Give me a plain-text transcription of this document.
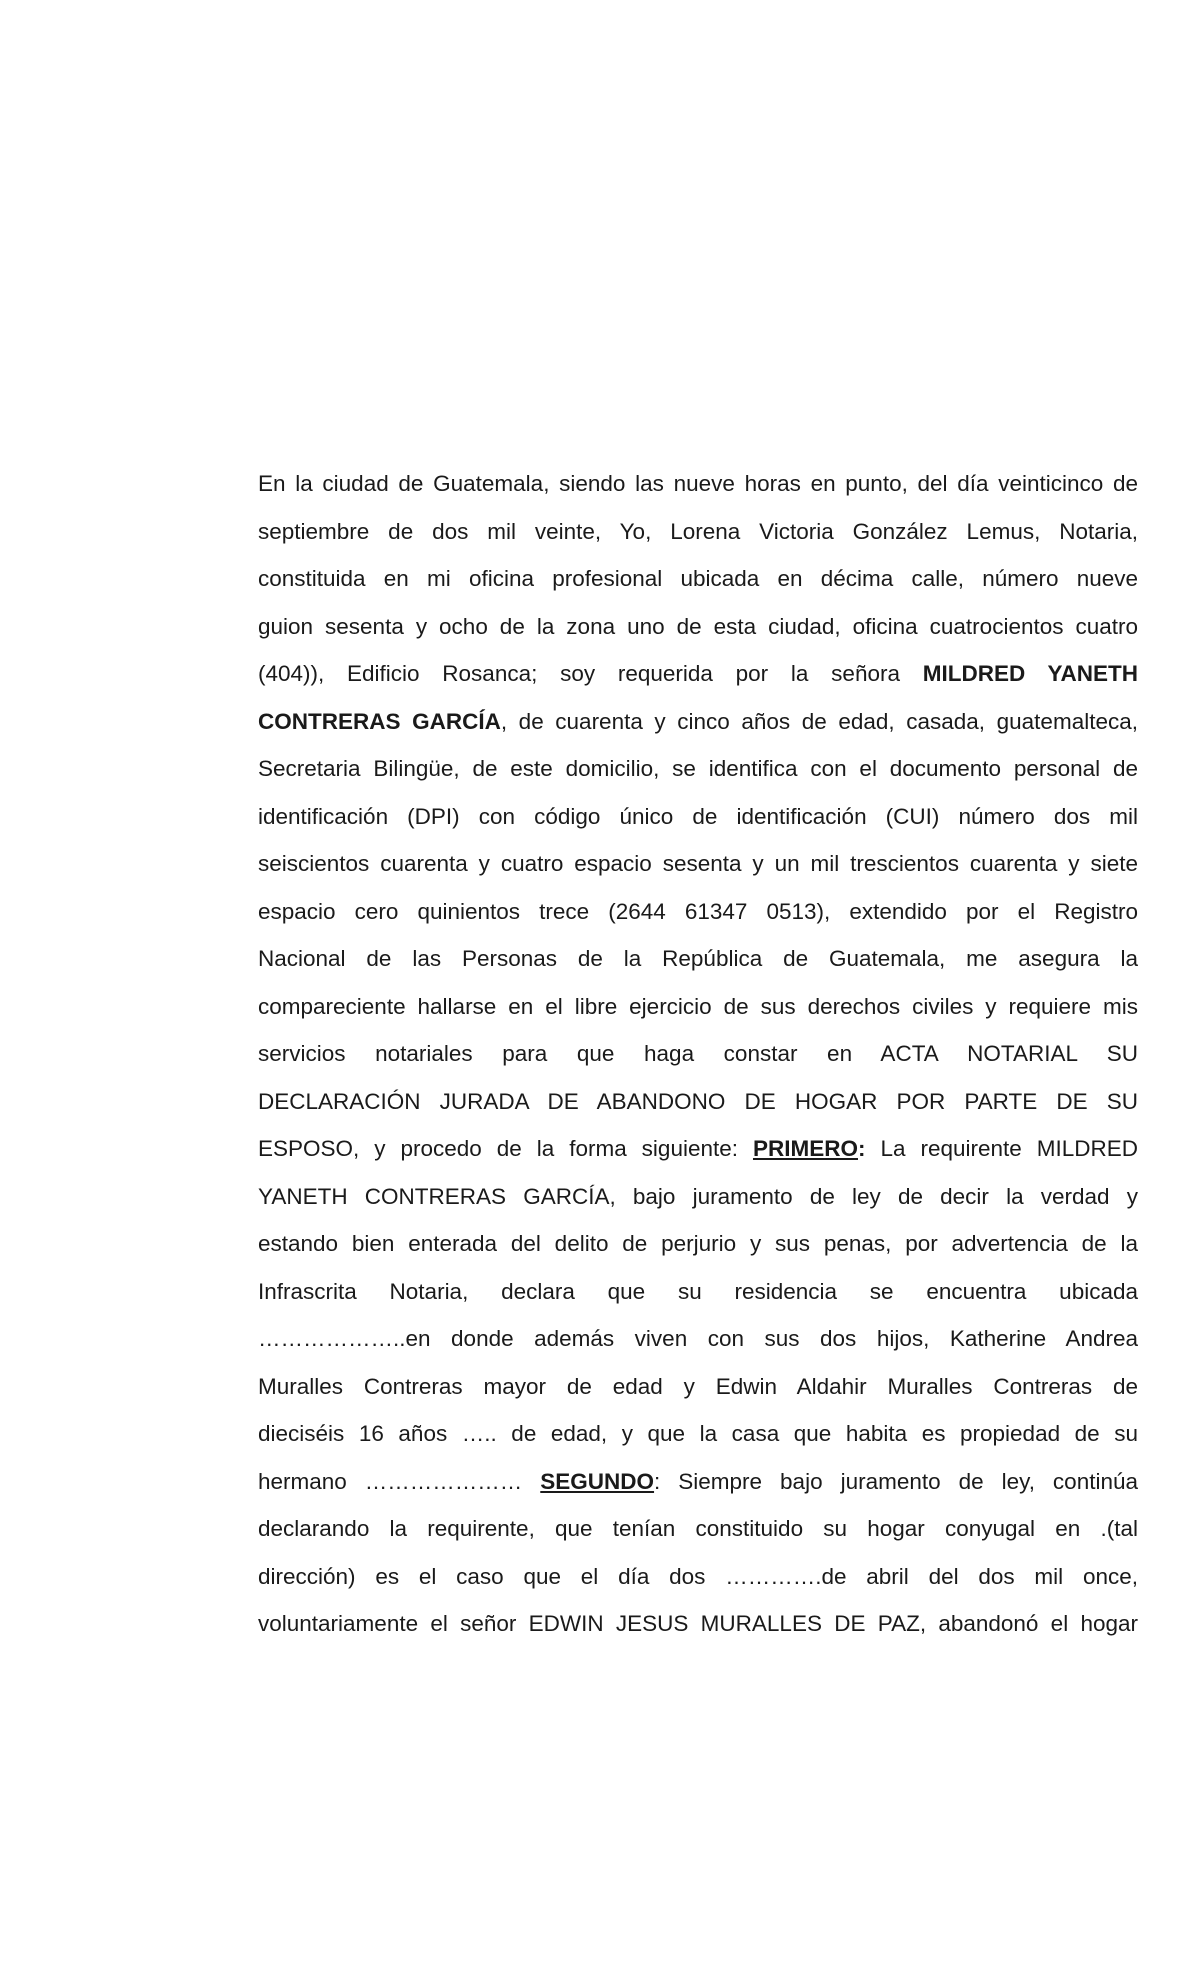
En la ciudad de Guatemala, siendo las nueve horas en punto, del día veinticinco de
septiembre de dos mil veinte, Yo, Lorena Victoria González Lemus, Notaria,
constituida en mi oficina profesional ubicada en décima calle, número nueve
guion sesenta y ocho de la zona uno de esta ciudad, oficina cuatrocientos cuatro
(404)), Edificio Rosanca; soy requerida por la señora MILDRED YANETH
CONTRERAS GARCÍA, de cuarenta y cinco años de edad, casada, guatemalteca,
Secretaria Bilingüe, de este domicilio, se identifica con el documento personal de
identificación (DPI) con código único de identificación (CUI) número dos mil
seiscientos cuarenta y cuatro espacio sesenta y un mil trescientos cuarenta y siete
espacio cero quinientos trece (2644 61347 0513), extendido por el Registro
Nacional de las Personas de la República de Guatemala, me asegura la
compareciente hallarse en el libre ejercicio de sus derechos civiles y requiere mis
servicios notariales para que haga constar en ACTA NOTARIAL SU
DECLARACIÓN JURADA DE ABANDONO DE HOGAR POR PARTE DE SU
ESPOSO, y procedo de la forma siguiente: PRIMERO: La requirente MILDRED
YANETH CONTRERAS GARCÍA, bajo juramento de ley de decir la verdad y
estando bien enterada del delito de perjurio y sus penas, por advertencia de la
Infrascrita Notaria, declara que su residencia se encuentra ubicada
………………..en donde además viven con sus dos hijos, Katherine Andrea
Muralles Contreras mayor de edad y Edwin Aldahir Muralles Contreras de
dieciséis 16 años ….. de edad, y que la casa que habita es propiedad de su
hermano ………………… SEGUNDO: Siempre bajo juramento de ley, continúa
declarando la requirente, que tenían constituido su hogar conyugal en .(tal
dirección) es el caso que el día dos ………….de abril del dos mil once,
voluntariamente el señor EDWIN JESUS MURALLES DE PAZ, abandonó el hogar
